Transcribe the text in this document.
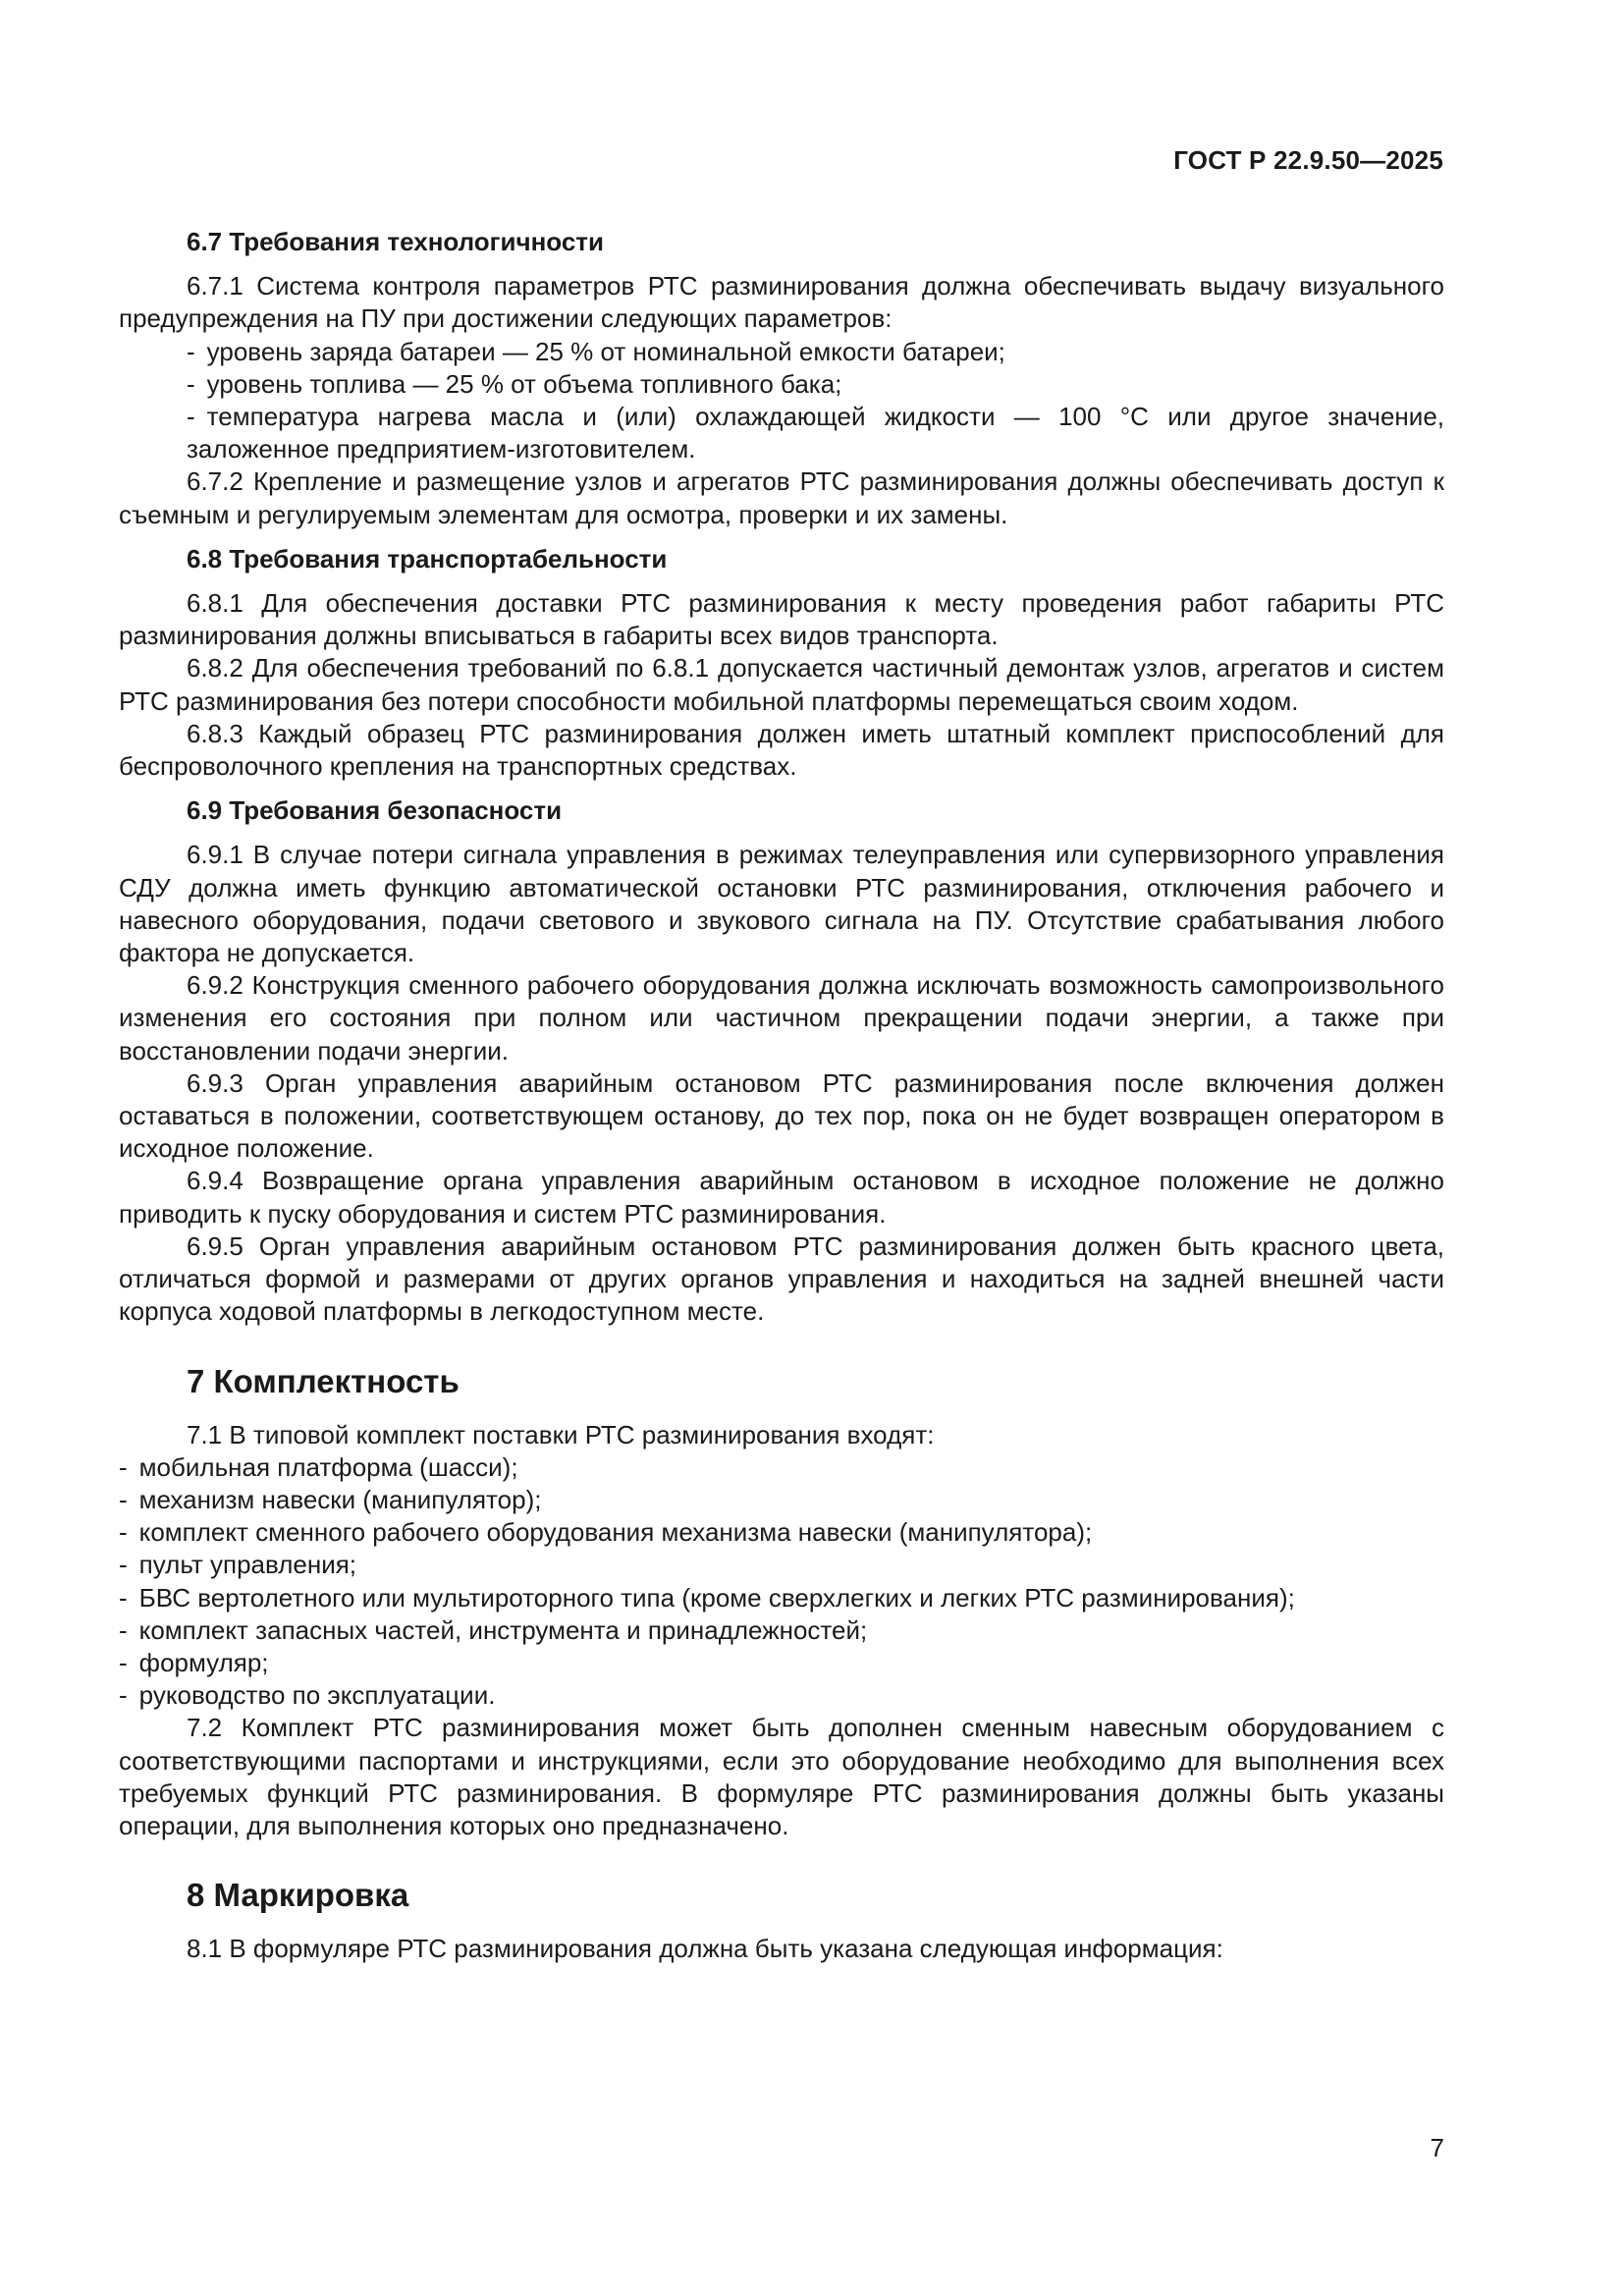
ГОСТ Р 22.9.50—2025

6.7 Требования технологичности

6.7.1 Система контроля параметров РТС разминирования должна обеспечивать выдачу визуального предупреждения на ПУ при достижении следующих параметров:

- уровень заряда батареи — 25 % от номинальной емкости батареи;

- уровень топлива — 25 % от объема топливного бака;

- температура нагрева масла и (или) охлаждающей жидкости — 100 °С или другое значение, заложенное предприятием-изготовителем.

6.7.2 Крепление и размещение узлов и агрегатов РТС разминирования должны обеспечивать доступ к съемным и регулируемым элементам для осмотра, проверки и их замены.

6.8 Требования транспортабельности

6.8.1 Для обеспечения доставки РТС разминирования к месту проведения работ габариты РТС разминирования должны вписываться в габариты всех видов транспорта.

6.8.2 Для обеспечения требований по 6.8.1 допускается частичный демонтаж узлов, агрегатов и систем РТС разминирования без потери способности мобильной платформы перемещаться своим ходом.

6.8.3 Каждый образец РТС разминирования должен иметь штатный комплект приспособлений для беспроволочного крепления на транспортных средствах.

6.9 Требования безопасности

6.9.1 В случае потери сигнала управления в режимах телеуправления или супервизорного управления СДУ должна иметь функцию автоматической остановки РТС разминирования, отключения рабочего и навесного оборудования, подачи светового и звукового сигнала на ПУ. Отсутствие срабатывания любого фактора не допускается.

6.9.2 Конструкция сменного рабочего оборудования должна исключать возможность самопроизвольного изменения его состояния при полном или частичном прекращении подачи энергии, а также при восстановлении подачи энергии.

6.9.3 Орган управления аварийным остановом РТС разминирования после включения должен оставаться в положении, соответствующем останову, до тех пор, пока он не будет возвращен оператором в исходное положение.

6.9.4 Возвращение органа управления аварийным остановом в исходное положение не должно приводить к пуску оборудования и систем РТС разминирования.

6.9.5 Орган управления аварийным остановом РТС разминирования должен быть красного цвета, отличаться формой и размерами от других органов управления и находиться на задней внешней части корпуса ходовой платформы в легкодоступном месте.

7 Комплектность

7.1 В типовой комплект поставки РТС разминирования входят:

- мобильная платформа (шасси);

- механизм навески (манипулятор);

- комплект сменного рабочего оборудования механизма навески (манипулятора);

- пульт управления;

- БВС вертолетного или мультироторного типа (кроме сверхлегких и легких РТС разминирования);

- комплект запасных частей, инструмента и принадлежностей;

- формуляр;

- руководство по эксплуатации.

7.2 Комплект РТС разминирования может быть дополнен сменным навесным оборудованием с соответствующими паспортами и инструкциями, если это оборудование необходимо для выполнения всех требуемых функций РТС разминирования. В формуляре РТС разминирования должны быть указаны операции, для выполнения которых оно предназначено.

8 Маркировка

8.1 В формуляре РТС разминирования должна быть указана следующая информация:

7
